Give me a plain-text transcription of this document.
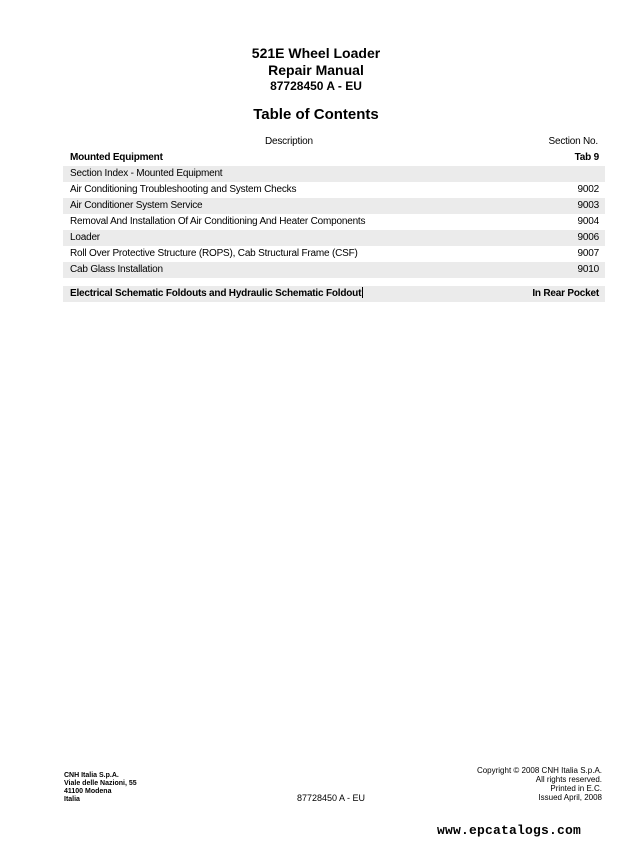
521E Wheel Loader
Repair Manual
87728450 A - EU
Table of Contents
Description	Section No.
Mounted Equipment	Tab 9
Section Index - Mounted Equipment
Air Conditioning Troubleshooting and System Checks	9002
Air Conditioner System Service	9003
Removal And Installation Of Air Conditioning And Heater Components	9004
Loader	9006
Roll Over Protective Structure (ROPS), Cab Structural Frame (CSF)	9007
Cab Glass Installation	9010
Electrical Schematic Foldouts and Hydraulic Schematic Foldout	In Rear Pocket
CNH Italia S.p.A.
Viale delle Nazioni, 55
41100 Modena
Italia	87728450 A - EU
Copyright © 2008 CNH Italia S.p.A.
All rights reserved.
Printed in E.C.
Issued April, 2008
www.epcatalogs.com
